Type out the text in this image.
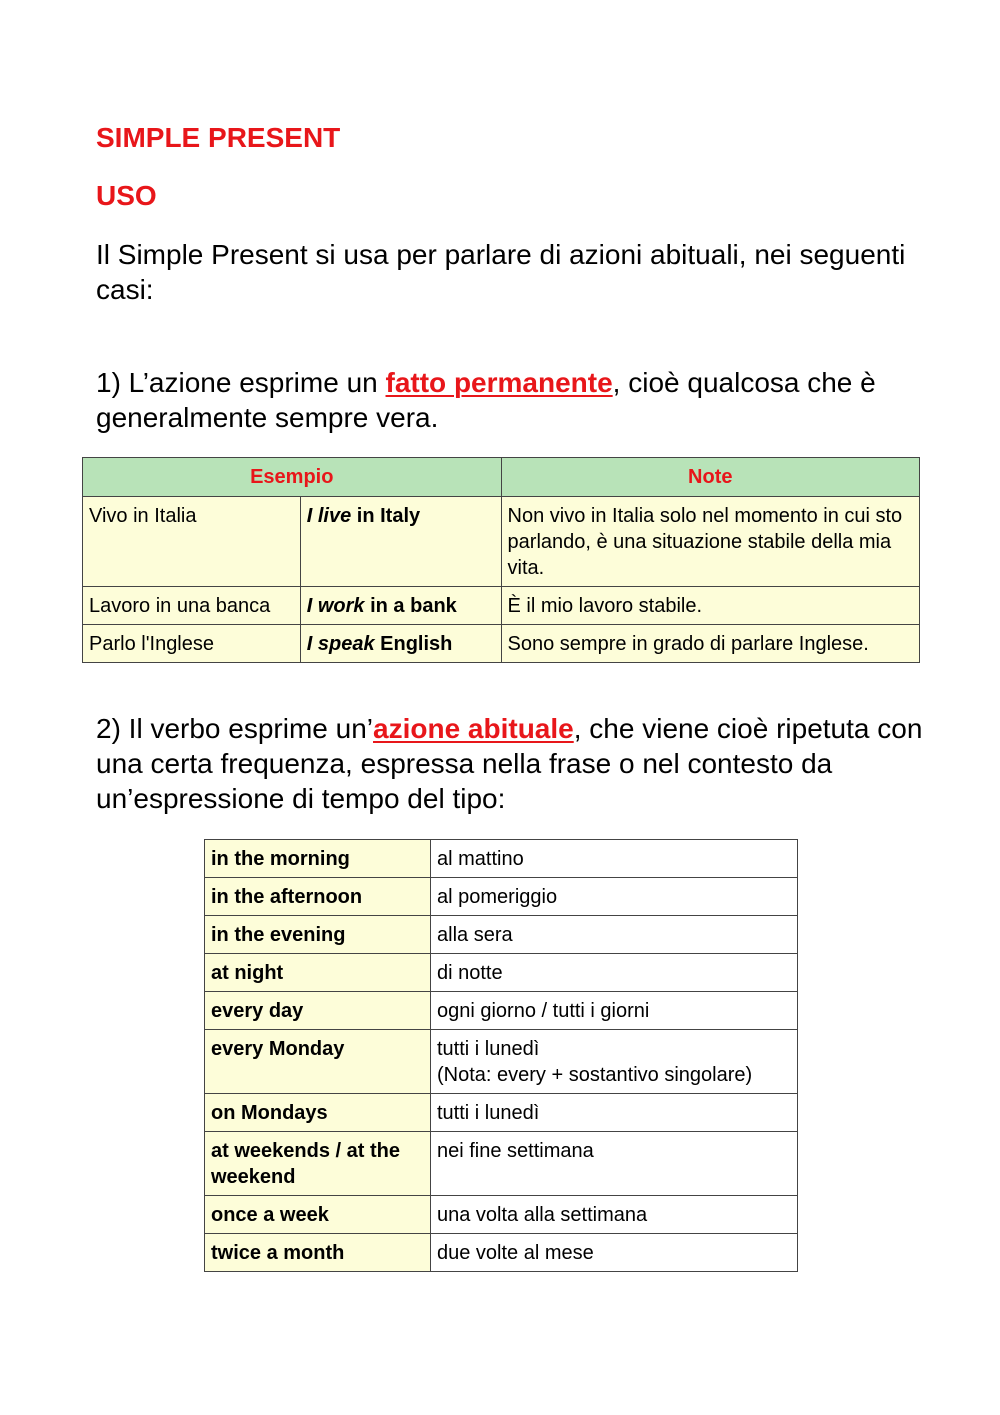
SIMPLE PRESENT
USO

Il Simple Present si usa per parlare di azioni abituali, nei seguenti casi:

1) L’azione esprime un fatto permanente, cioè qualcosa che è generalmente sempre vera.

Esempio		Note
Vivo in Italia	I live in Italy	Non vivo in Italia solo nel momento in cui sto parlando, è una situazione stabile della mia vita.
Lavoro in una banca	I work in a bank	È il mio lavoro stabile.
Parlo l'Inglese	I speak English	Sono sempre in grado di parlare Inglese.

2) Il verbo esprime un’azione abituale, che viene cioè ripetuta con una certa frequenza, espressa nella frase o nel contesto da un’espressione di tempo del tipo:

in the morning	al mattino
in the afternoon	al pomeriggio
in the evening	alla sera
at night	di notte
every day	ogni giorno / tutti i giorni
every Monday	tutti i lunedì
(Nota: every + sostantivo singolare)
on Mondays	tutti i lunedì
at weekends / at the weekend	nei fine settimana
once a week	una volta alla settimana
twice a month	due volte al mese
